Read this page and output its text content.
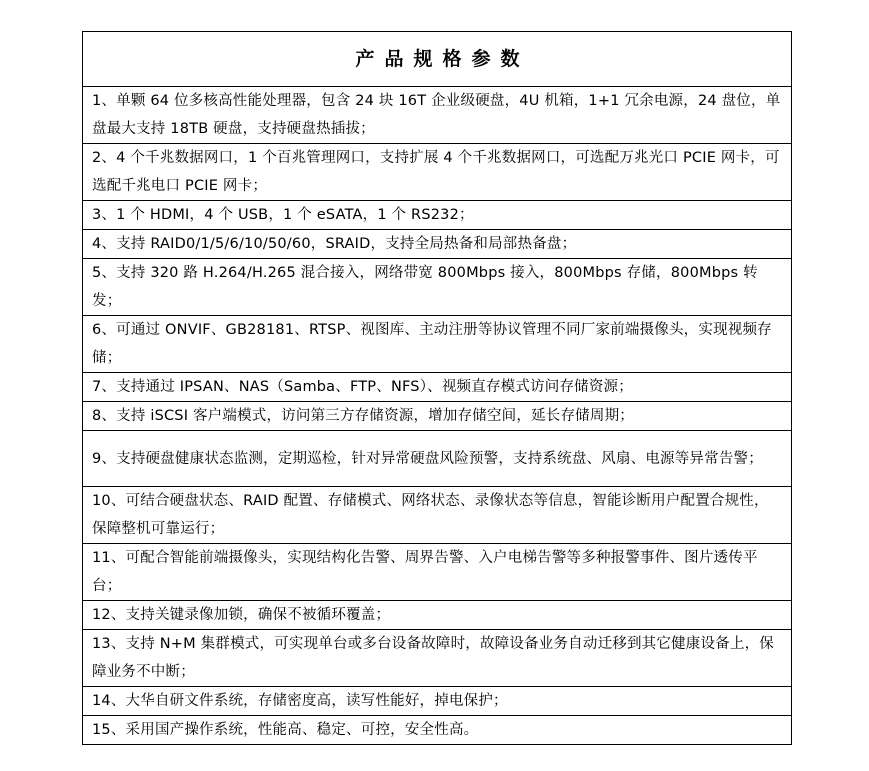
产品规格参数
1、单颗 64 位多核高性能处理器，包含 24 块 16T 企业级硬盘，4U 机箱，1+1 冗余电源，24 盘位，单盘最大支持 18TB 硬盘，支持硬盘热插拔；
2、4 个千兆数据网口，1 个百兆管理网口，支持扩展 4 个千兆数据网口，可选配万兆光口 PCIE 网卡，可选配千兆电口 PCIE 网卡；
3、1 个 HDMI，4 个 USB，1 个 eSATA，1 个 RS232；
4、支持 RAID0/1/5/6/10/50/60，SRAID，支持全局热备和局部热备盘；
5、支持 320 路 H.264/H.265 混合接入，网络带宽 800Mbps 接入，800Mbps 存储，800Mbps 转发；
6、可通过 ONVIF、GB28181、RTSP、视图库、主动注册等协议管理不同厂家前端摄像头，实现视频存储；
7、支持通过 IPSAN、NAS（Samba、FTP、NFS）、视频直存模式访问存储资源；
8、支持 iSCSI 客户端模式，访问第三方存储资源，增加存储空间，延长存储周期；
9、支持硬盘健康状态监测，定期巡检，针对异常硬盘风险预警，支持系统盘、风扇、电源等异常告警；
10、可结合硬盘状态、RAID 配置、存储模式、网络状态、录像状态等信息，智能诊断用户配置合规性，保障整机可靠运行；
11、可配合智能前端摄像头，实现结构化告警、周界告警、入户电梯告警等多种报警事件、图片透传平台；
12、支持关键录像加锁，确保不被循环覆盖；
13、支持 N+M 集群模式，可实现单台或多台设备故障时，故障设备业务自动迁移到其它健康设备上，保障业务不中断；
14、大华自研文件系统，存储密度高，读写性能好，掉电保护；
15、采用国产操作系统，性能高、稳定、可控，安全性高。
